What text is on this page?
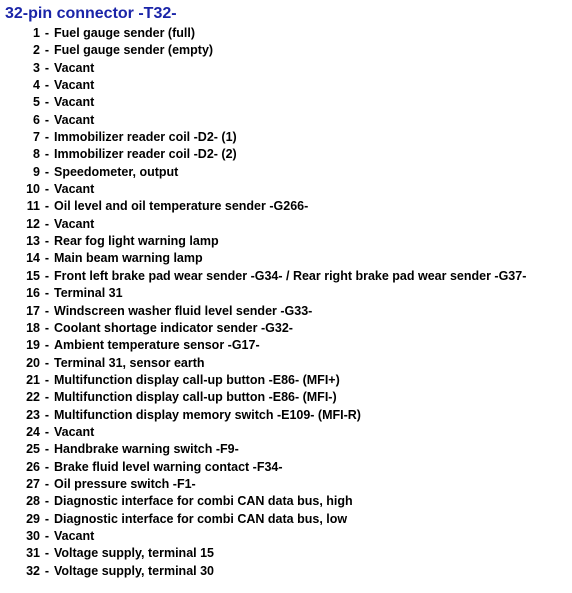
32-pin connector -T32-
1 - Fuel gauge sender (full)
2 - Fuel gauge sender (empty)
3 - Vacant
4 - Vacant
5 - Vacant
6 - Vacant
7 - Immobilizer reader coil -D2- (1)
8 - Immobilizer reader coil -D2- (2)
9 - Speedometer, output
10 - Vacant
11 - Oil level and oil temperature sender -G266-
12 - Vacant
13 - Rear fog light warning lamp
14 - Main beam warning lamp
15 - Front left brake pad wear sender -G34- / Rear right brake pad wear sender -G37-
16 - Terminal 31
17 - Windscreen washer fluid level sender -G33-
18 - Coolant shortage indicator sender -G32-
19 - Ambient temperature sensor -G17-
20 - Terminal 31, sensor earth
21 - Multifunction display call-up button -E86- (MFI+)
22 - Multifunction display call-up button -E86- (MFI-)
23 - Multifunction display memory switch -E109- (MFI-R)
24 - Vacant
25 - Handbrake warning switch -F9-
26 - Brake fluid level warning contact -F34-
27 - Oil pressure switch -F1-
28 - Diagnostic interface for combi CAN data bus, high
29 - Diagnostic interface for combi CAN data bus, low
30 - Vacant
31 - Voltage supply, terminal 15
32 - Voltage supply, terminal 30
